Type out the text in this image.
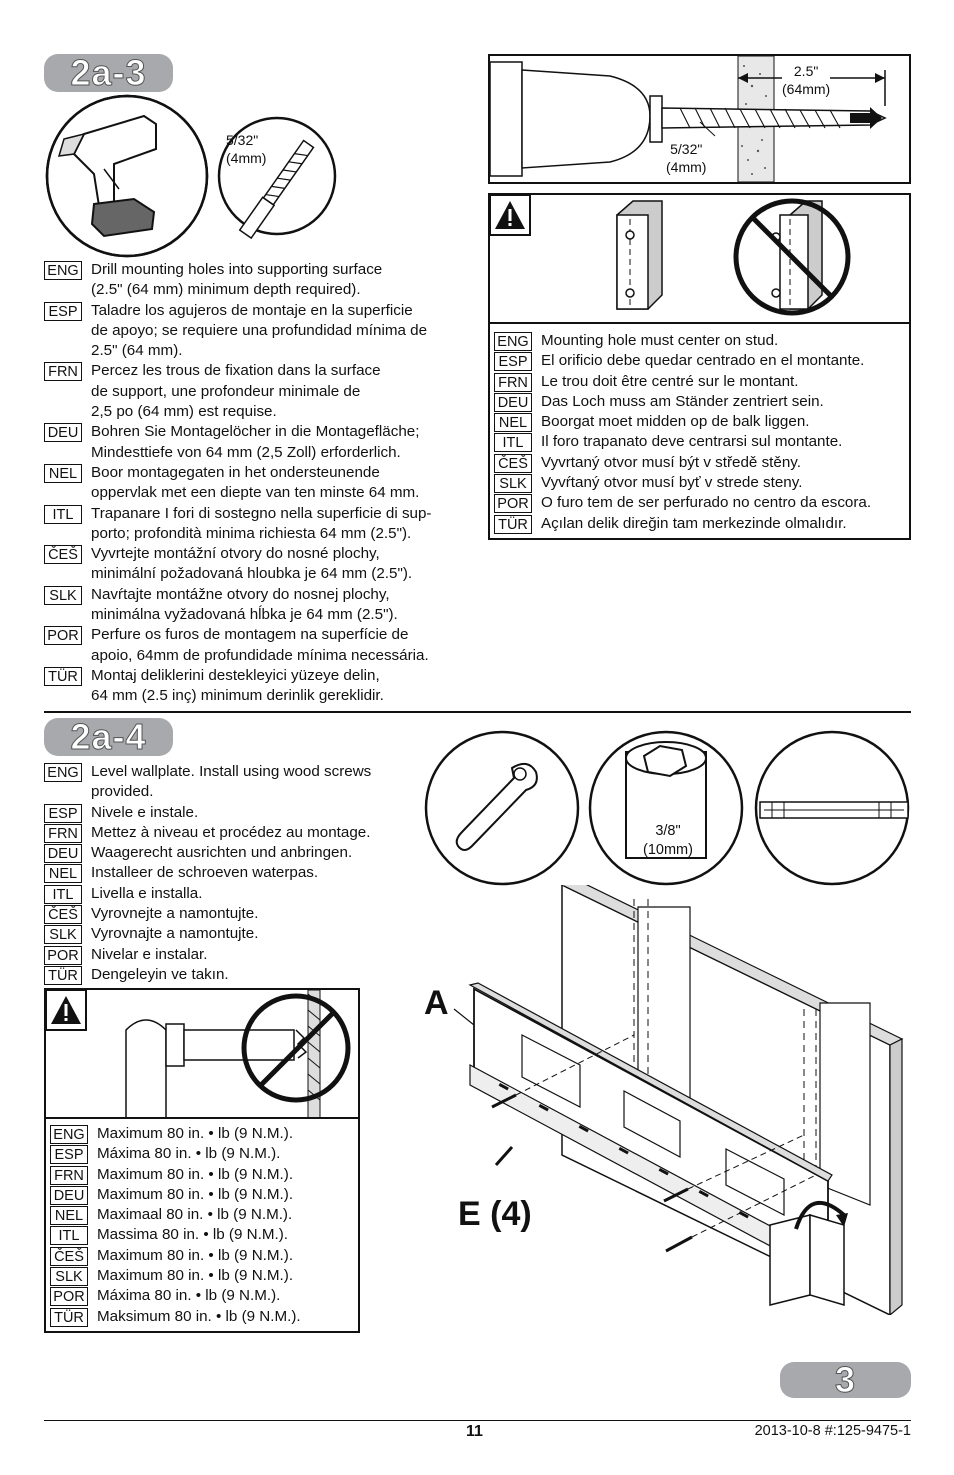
2a-3
5/32"
(4mm)
ENG Drill mounting holes into supporting surface
(2.5" (64 mm) minimum depth required).
ESP Taladre los agujeros de montaje en la superficie
de apoyo; se requiere una profundidad mínima de
2.5" (64 mm).
FRN Percez les trous de fixation dans la surface
de support, une profondeur minimale de
2,5 po (64 mm) est requise.
DEU Bohren Sie Montagelöcher in die Montagefläche;
Mindesttiefe von 64 mm (2,5 Zoll) erforderlich.
NEL Boor montagegaten in het ondersteunende
oppervlak met een diepte van ten minste 64 mm.
ITL	Trapanare I fori di sostegno nella superficie di sup-
porto; profondità minima richiesta 64 mm (2.5").
ČEŠ Vyvrtejte montážní otvory do nosné plochy,
minimální požadovaná hloubka je 64 mm (2.5").
SLK Navŕtajte montážne otvory do nosnej plochy,
minimálna vyžadovaná hĺbka je 64 mm (2.5").
POR Perfure os furos de montagem na superfície de
apoio, 64mm de profundidade mínima necessária.
TÜR Montaj deliklerini destekleyici yüzeye delin,
64 mm (2.5 inç) minimum derinlik gereklidir.
2.5"
(64mm)
5/32"
(4mm)
ENG Mounting hole must center on stud.
ESP El orificio debe quedar centrado en el montante.
FRN Le trou doit être centré sur le montant.
DEU Das Loch muss am Ständer zentriert sein.
NEL Boorgat moet midden op de balk liggen.
ITL	Il foro trapanato deve centrarsi sul montante.
ČEŠ Vyvrtaný otvor musí být v středě stěny.
SLK Vyvŕtaný otvor musí byť v strede steny.
POR O furo tem de ser perfurado no centro da escora.
TÜR Açılan delik direğin tam merkezinde olmalıdır.
2a-4
ENG Level wallplate. Install using wood screws
provided.
ESP Nivele e instale.
FRN Mettez à niveau et procédez au montage.
DEU Waagerecht ausrichten und anbringen.
NEL Installeer de schroeven waterpas.
ITL	Livella e installa.
ČEŠ Vyrovnejte a namontujte.
SLK Vyrovnajte a namontujte.
POR Nivelar e instalar.
TÜR Dengeleyin ve takın.
ENG Maximum 80 in. • lb (9 N.M.).
ESP Máxima 80 in. • lb (9 N.M.).
FRN Maximum 80 in. • lb (9 N.M.).
DEU Maximum 80 in. • lb (9 N.M.).
NEL Maximaal 80 in. • lb (9 N.M.).
ITL	Massima 80 in. • lb (9 N.M.).
ČEŠ Maximum 80 in. • lb (9 N.M.).
SLK Maximum 80 in. • lb (9 N.M.).
POR Máxima 80 in. • lb (9 N.M.).
TÜR Maksimum 80 in. • lb (9 N.M.).
3/8"
(10mm)
A
E (4)
3
11	2013-10-8 #:125-9475-1
